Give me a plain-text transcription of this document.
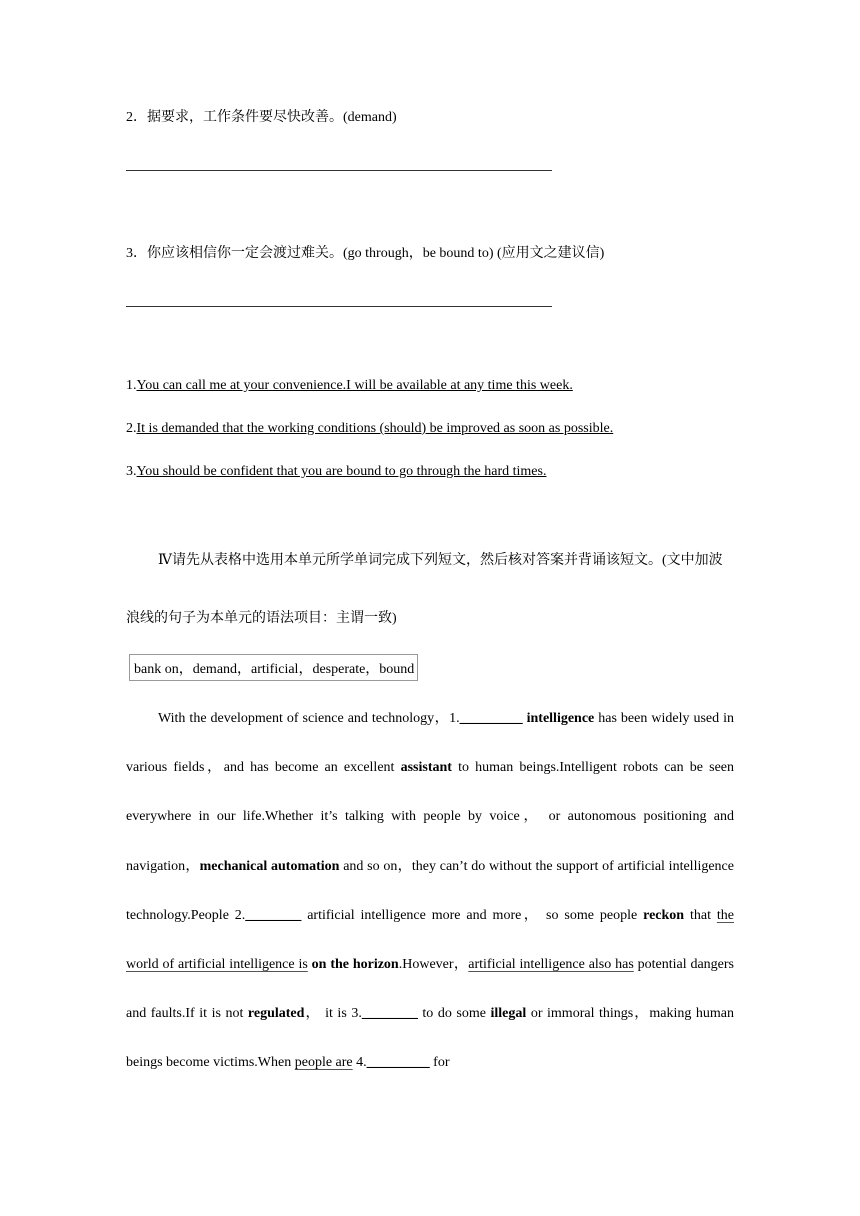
2．据要求，工作条件要尽快改善。(demand)
3．你应该相信你一定会渡过难关。(go through，be bound to) (应用文之建议信)
1.You can call me at your convenience.I will be available at any time this week.
2.It is demanded that the working conditions (should) be improved as soon as possible.
3.You should be confident that you are bound to go through the hard times.
Ⅳ请先从表格中选用本单元所学单词完成下列短文，然后核对答案并背诵该短文。(文中加波浪线的句子为本单元的语法项目：主谓一致)
bank on，demand，artificial，desperate，bound
With the development of science and technology，1._________ intelligence has been widely used in various fields，and has become an excellent assistant to human beings.Intelligent robots can be seen everywhere in our life.Whether it’s talking with people by voice， or autonomous positioning and navigation，mechanical automation and so on，they can’t do without the support of artificial intelligence technology.People 2.________ artificial intelligence more and more， so some people reckon that the world of artificial intelligence is on the horizon.However，artificial intelligence also has potential dangers and faults.If it is not regulated， it is 3.________ to do some illegal or immoral things，making human beings become victims.When people are 4._________ for
